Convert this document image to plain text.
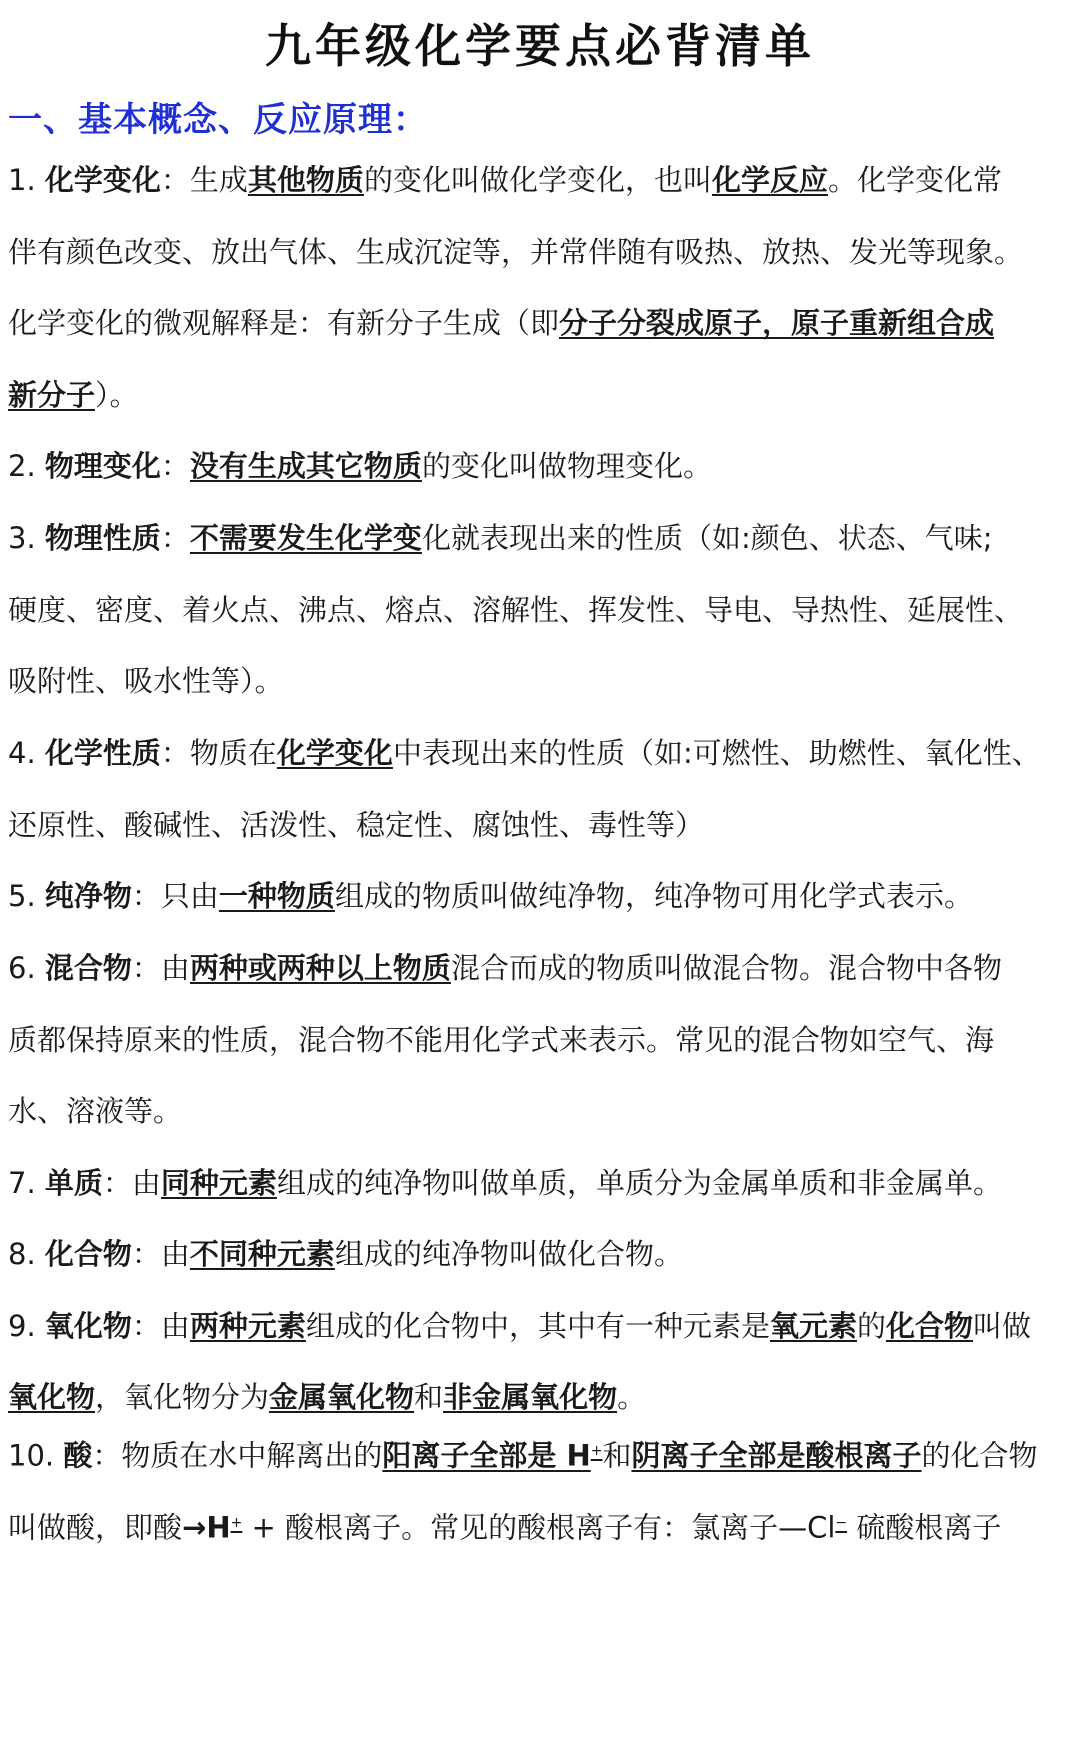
九年级化学要点必背清单
一、基本概念、反应原理：
1. 化学变化：生成其他物质的变化叫做化学变化，也叫化学反应。化学变化常
伴有颜色改变、放出气体、生成沉淀等，并常伴随有吸热、放热、发光等现象。
化学变化的微观解释是：有新分子生成（即分子分裂成原子，原子重新组合成
新分子）。
2. 物理变化：没有生成其它物质的变化叫做物理变化。
3. 物理性质：不需要发生化学变化就表现出来的性质（如:颜色、状态、气味;
硬度、密度、着火点、沸点、熔点、溶解性、挥发性、导电、导热性、延展性、
吸附性、吸水性等）。
4. 化学性质：物质在化学变化中表现出来的性质（如:可燃性、助燃性、氧化性、
还原性、酸碱性、活泼性、稳定性、腐蚀性、毒性等）
5. 纯净物：只由一种物质组成的物质叫做纯净物，纯净物可用化学式表示。
6. 混合物：由两种或两种以上物质混合而成的物质叫做混合物。混合物中各物
质都保持原来的性质，混合物不能用化学式来表示。常见的混合物如空气、海
水、溶液等。
7. 单质：由同种元素组成的纯净物叫做单质，单质分为金属单质和非金属单。
8. 化合物：由不同种元素组成的纯净物叫做化合物。
9. 氧化物：由两种元素组成的化合物中，其中有一种元素是氧元素的化合物叫做
氧化物，氧化物分为金属氧化物和非金属氧化物。
10. 酸：物质在水中解离出的阳离子全部是 H+和阴离子全部是酸根离子的化合物
叫做酸，即酸→H+ + 酸根离子。常见的酸根离子有：氯离子—Cl− 硫酸根离子
